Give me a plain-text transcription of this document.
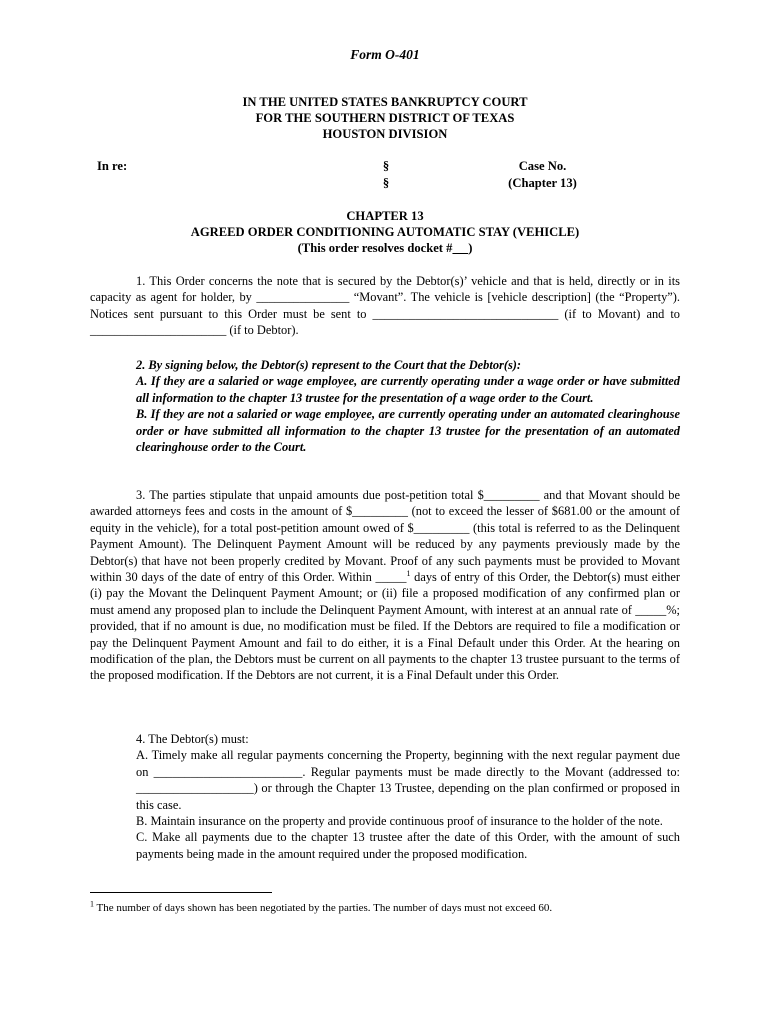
Form O-401
IN THE UNITED STATES BANKRUPTCY COURT
FOR THE SOUTHERN DISTRICT OF TEXAS
HOUSTON DIVISION
In re:	§
§
Case No.
(Chapter 13)
CHAPTER 13
AGREED ORDER CONDITIONING AUTOMATIC STAY (VEHICLE)
(This order resolves docket # )
1. This Order concerns the note that is secured by the Debtor(s)’ vehicle and that is held, directly or in its capacity as agent for holder, by _______________ “Movant”. The vehicle is [vehicle description] (the “Property”). Notices sent pursuant to this Order must be sent to ______________________________ (if to Movant) and to ______________________ (if to Debtor).
2. By signing below, the Debtor(s) represent to the Court that the Debtor(s):
A. If they are a salaried or wage employee, are currently operating under a wage order or have submitted all information to the chapter 13 trustee for the presentation of a wage order to the Court.
B. If they are not a salaried or wage employee, are currently operating under an automated clearinghouse order or have submitted all information to the chapter 13 trustee for the presentation of an automated clearinghouse order to the Court.
3. The parties stipulate that unpaid amounts due post-petition total $_________ and that Movant should be awarded attorneys fees and costs in the amount of $_________ (not to exceed the lesser of $681.00 or the amount of equity in the vehicle), for a total post-petition amount owed of $_________ (this total is referred to as the Delinquent Payment Amount). The Delinquent Payment Amount will be reduced by any payments previously made by the Debtor(s) that have not been properly credited by Movant. Proof of any such payments must be provided to Movant within 30 days of the date of entry of this Order. Within _____$^1$ days of entry of this Order, the Debtor(s) must either (i) pay the Movant the Delinquent Payment Amount; or (ii) file a proposed modification of any confirmed plan or must amend any proposed plan to include the Delinquent Payment Amount, with interest at an annual rate of _____%; provided, that if no amount is due, no modification must be filed. If the Debtors are required to file a modification or pay the Delinquent Payment Amount and fail to do either, it is a Final Default under this Order. At the hearing on modification of the plan, the Debtors must be current on all payments to the chapter 13 trustee pursuant to the terms of the proposed modification. If the Debtors are not current, it is a Final Default under this Order.
4. The Debtor(s) must:
A. Timely make all regular payments concerning the Property, beginning with the next regular payment due on ________________________. Regular payments must be made directly to the Movant (addressed to: ___________________) or through the Chapter 13 Trustee, depending on the plan confirmed or proposed in this case.
B. Maintain insurance on the property and provide continuous proof of insurance to the holder of the note.
C. Make all payments due to the chapter 13 trustee after the date of this Order, with the amount of such payments being made in the amount required under the proposed modification.
$^1$ The number of days shown has been negotiated by the parties. The number of days must not exceed 60.
